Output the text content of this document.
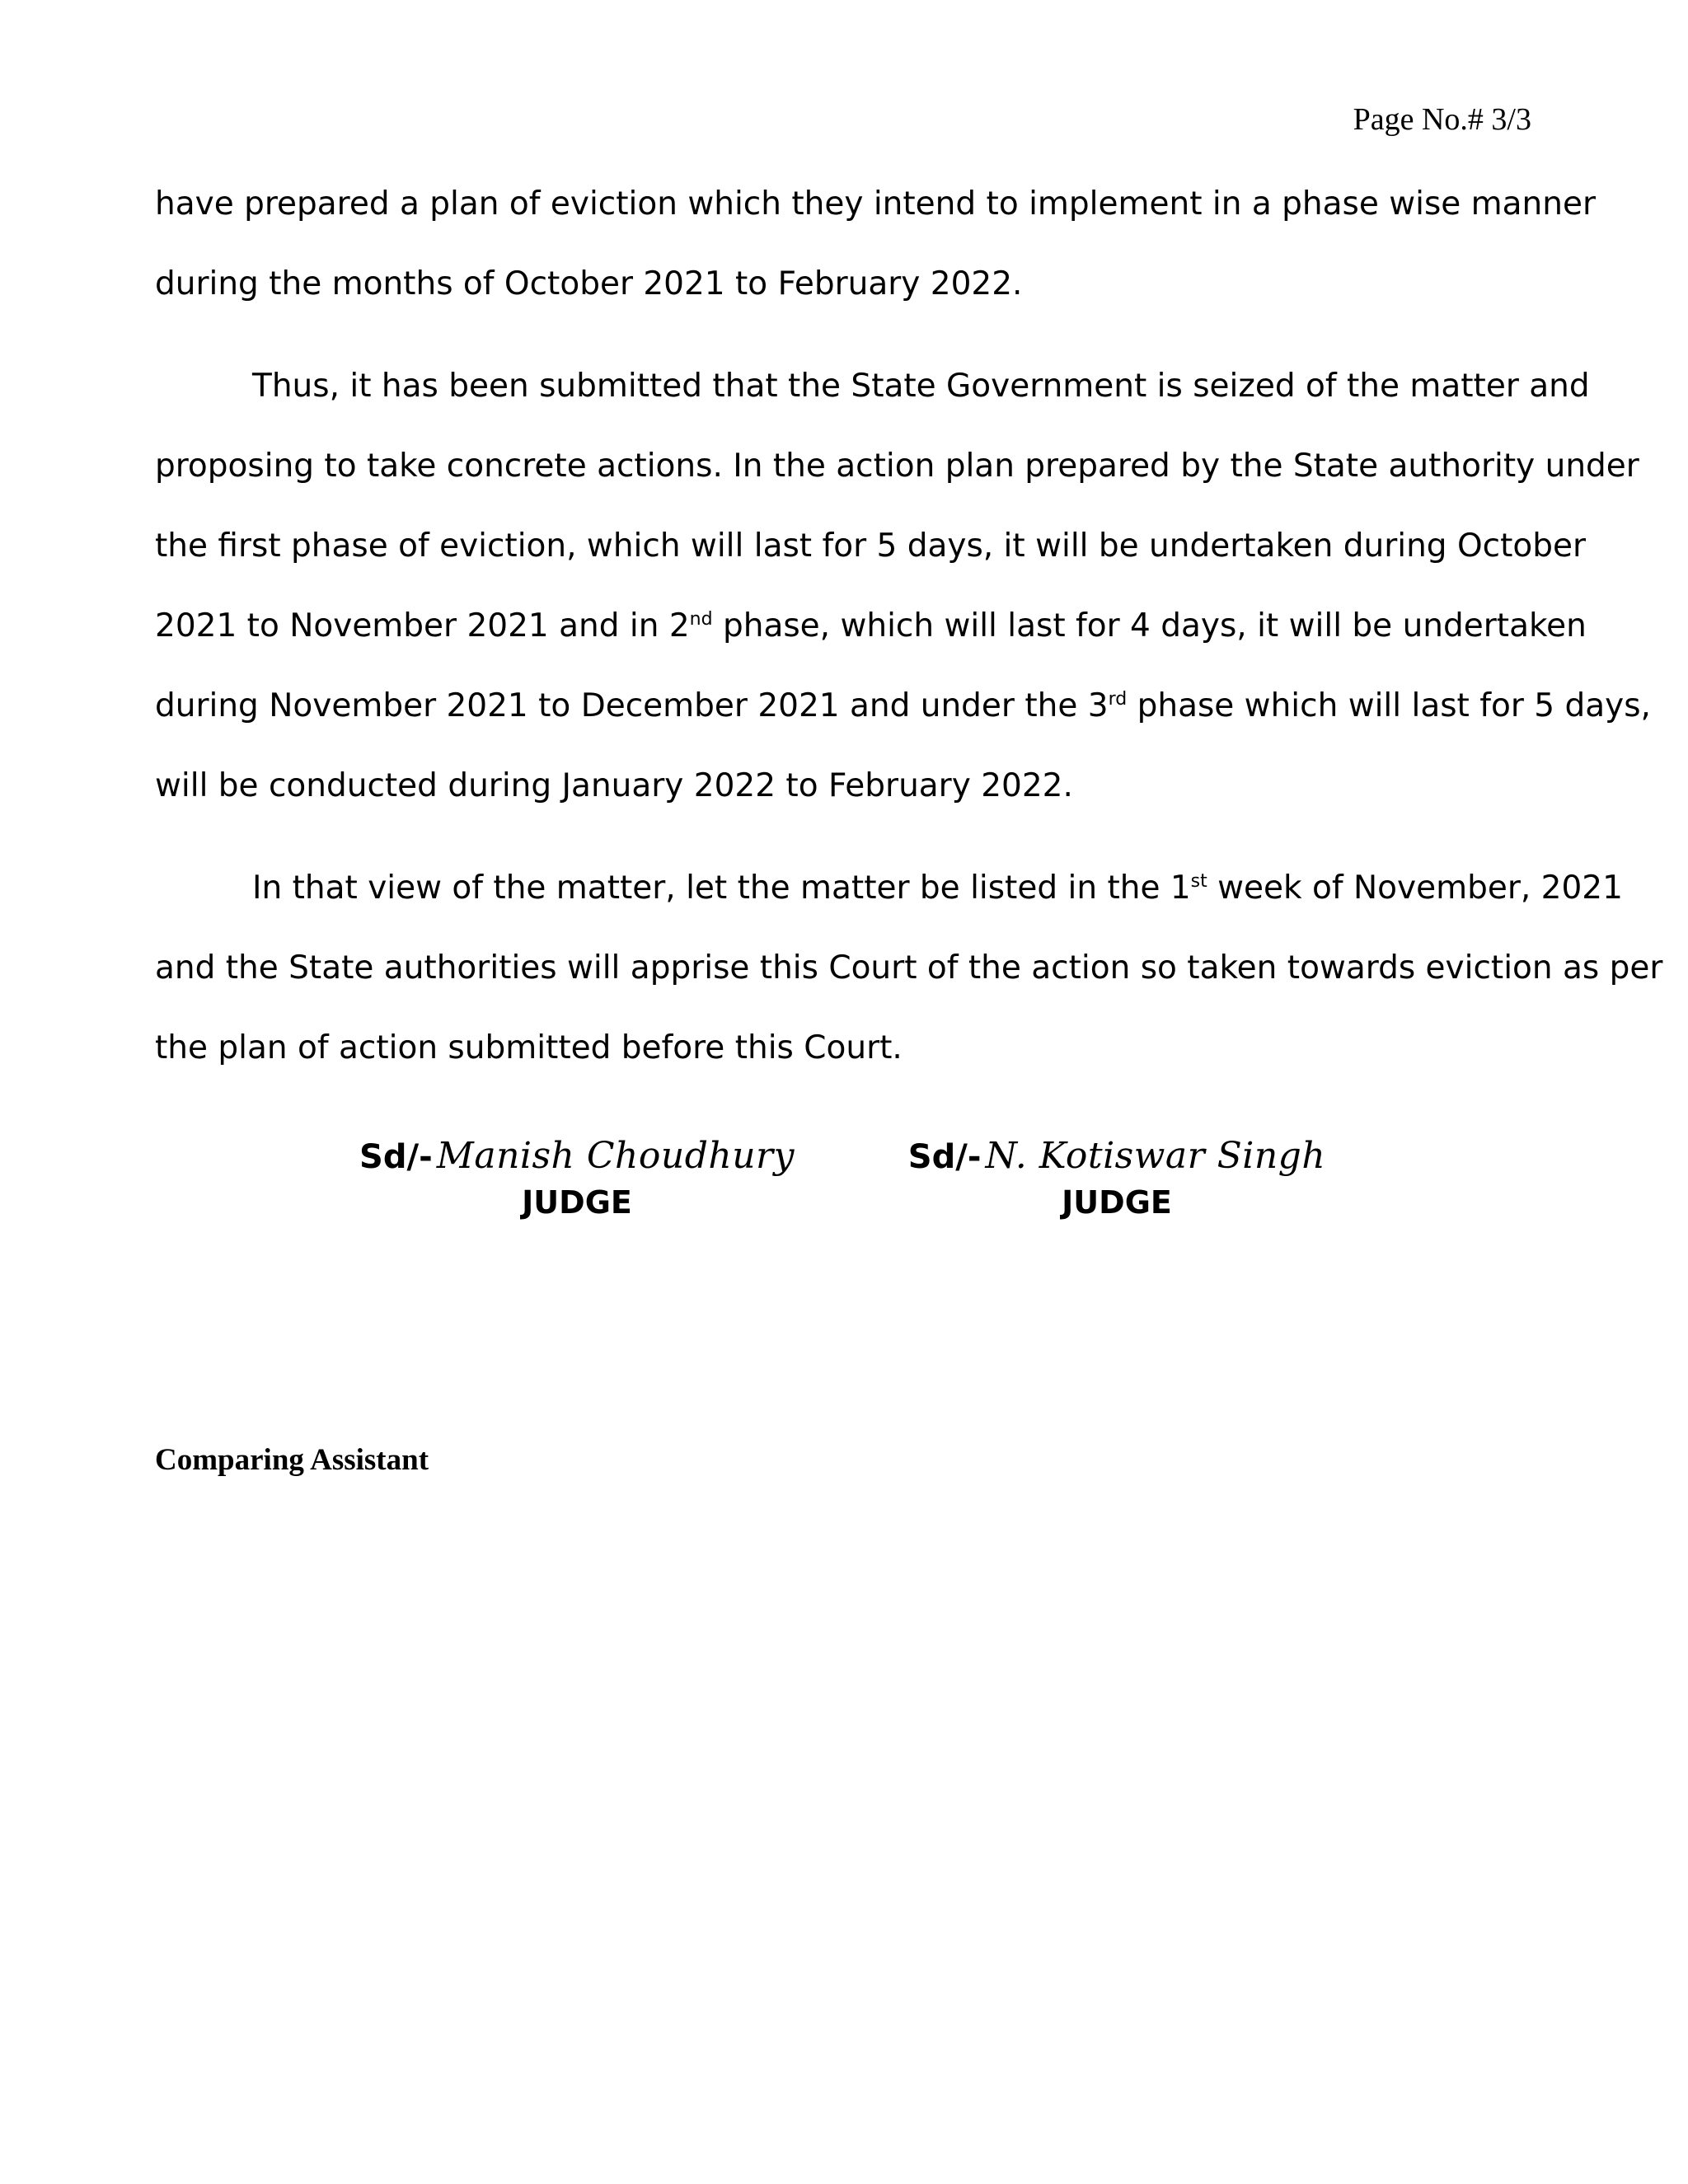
Page No.# 3/3
have prepared a plan of eviction which they intend to implement in a phase wise manner
during the months of October 2021 to February 2022.
Thus, it has been submitted that the State Government is seized of the matter and
proposing to take concrete actions. In the action plan prepared by the State authority under
the first phase of eviction, which will last for 5 days, it will be undertaken during October
2021 to November 2021 and in 2nd phase, which will last for 4 days, it will be undertaken
during November 2021 to December 2021 and under the 3rd phase which will last for 5 days,
will be conducted during January 2022 to February 2022.
In that view of the matter, let the matter be listed in the 1st week of November, 2021
and the State authorities will apprise this Court of the action so taken towards eviction as per
the plan of action submitted before this Court.
Sd/- Manish Choudhury
JUDGE
Sd/- N. Kotiswar Singh
JUDGE
Comparing Assistant
